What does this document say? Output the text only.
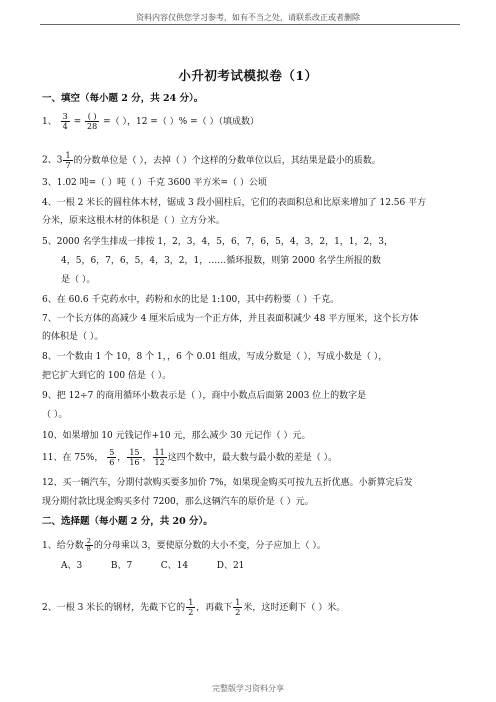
资料内容仅供您学习参考，如有不当之处，请联系改正或者删除
小升初考试模拟卷（1）
一、填空（每小题 2 分，共 24 分）。
1、 $\frac{3}{4} = \frac{( )}{28}$ =（ ），12 =（ ）% =（ ）（填成数）
2、$3 \frac{1}{7}$ 的分数单位是（ ），去掉（ ）个这样的分数单位以后，其结果是最小的质数。
3、1.02 吨=（ ）吨（ ）千克 3600 平方米=（ ）公顷
4、一根 2 米长的圆柱体木材，锯成 3 段小圆柱后，它们的表面积总和比原来增加了 12.56 平方
分米，原来这根木材的体积是（ ）立方分米。
5、2000 名学生排成一排按 1，2，3，4，5，6，7，6，5，4，3，2，1，1，2，3，
4，5，6，7，6，5，4，3，2，1，……循环报数，则第 2000 名学生所报的数
是（ ）。
6、在 60.6 千克药水中，药粉和水的比是 1:100，其中药粉要（ ）千克。
7、一个长方体的高减少 4 厘米后成为一个正方体，并且表面积减少 48 平方厘米，这个长方体
的体积是（ ）。
8、一个数由 1 个 10，8 个 1，，6 个 0.01 组成，写成分数是（ ），写成小数是（ ），
把它扩大到它的 100 倍是（ ）。
9、把 12÷7 的商用循环小数表示是（ ），商中小数点后面第 2003 位上的数字是
（ ）。
10、如果增加 10 元钱记作+10 元，那么减少 30 元记作（ ）元。
11、在 75%， $\frac{5}{6}$ ， $\frac{15}{16}$ ， $\frac{11}{12}$ 这四个数中，最大数与最小数的差是（ ）。
12、买一辆汽车，分期付款购买要多加价 7%，如果现金购买可按九五折优惠。小新算完后发
现分期付款比现金购买多付 7200，那么这辆汽车的原价是（ ）元。
二、选择题（每小题 2 分，共 20 分）。
1、给分数 $\frac{2}{8}$ 的分母乘以 3，要使原分数的大小不变，分子应加上（ ）。
A、3          B、7          C、14          D、21
2、一根 3 米长的钢材，先截下它的 $\frac{1}{2}$ ，再截下 $\frac{1}{2}$ 米，这时还剩下（ ）米。
完整版学习资料分享
